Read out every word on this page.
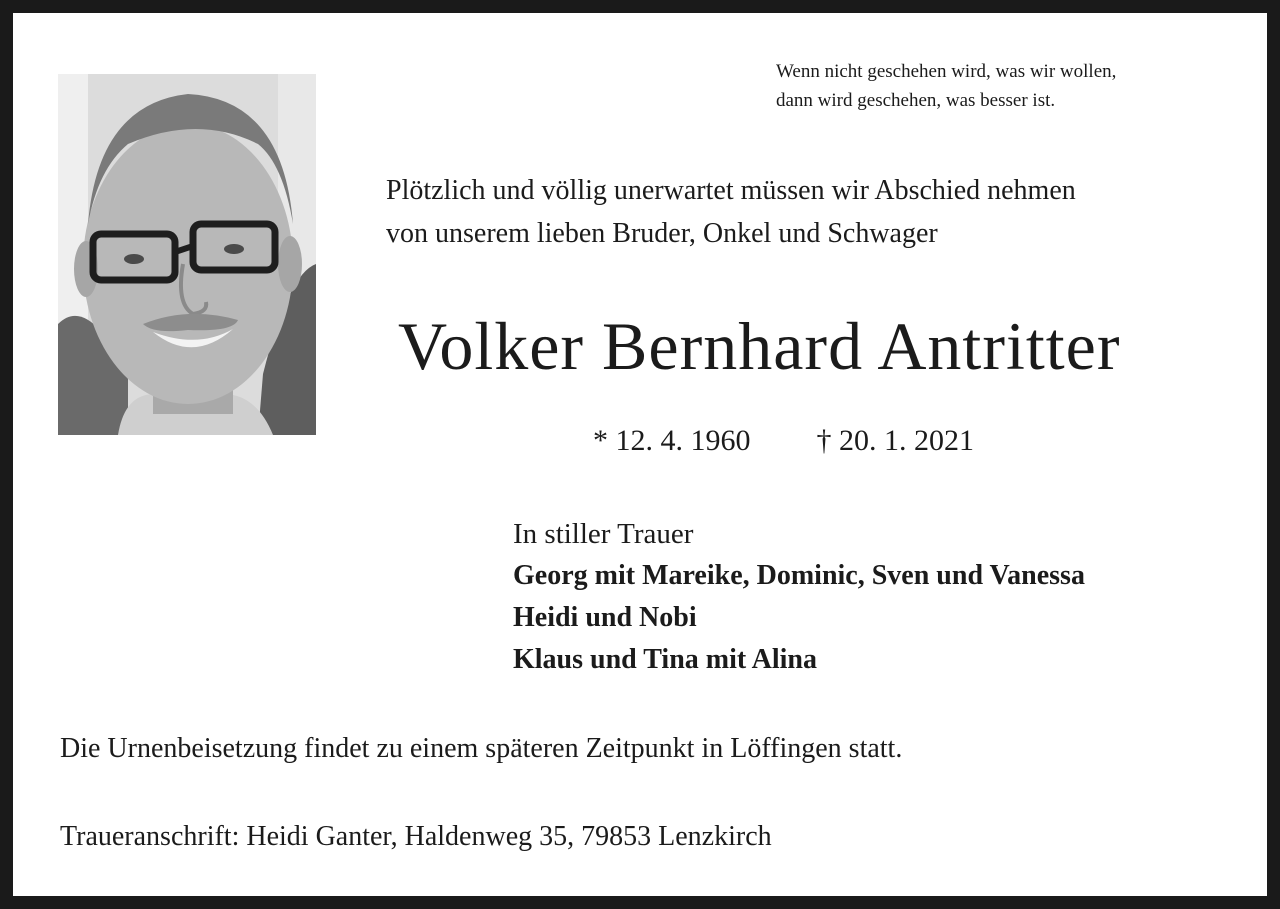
Wenn nicht geschehen wird, was wir wollen,
dann wird geschehen, was besser ist.
Plötzlich und völlig unerwartet müssen wir Abschied nehmen
von unserem lieben Bruder, Onkel und Schwager
Volker Bernhard Antritter
* 12. 4. 1960 † 20. 1. 2021
In stiller Trauer
Georg mit Mareike, Dominic, Sven und Vanessa
Heidi und Nobi
Klaus und Tina mit Alina
Die Urnenbeisetzung findet zu einem späteren Zeitpunkt in Löffingen statt.
Traueranschrift: Heidi Ganter, Haldenweg 35, 79853 Lenzkirch
